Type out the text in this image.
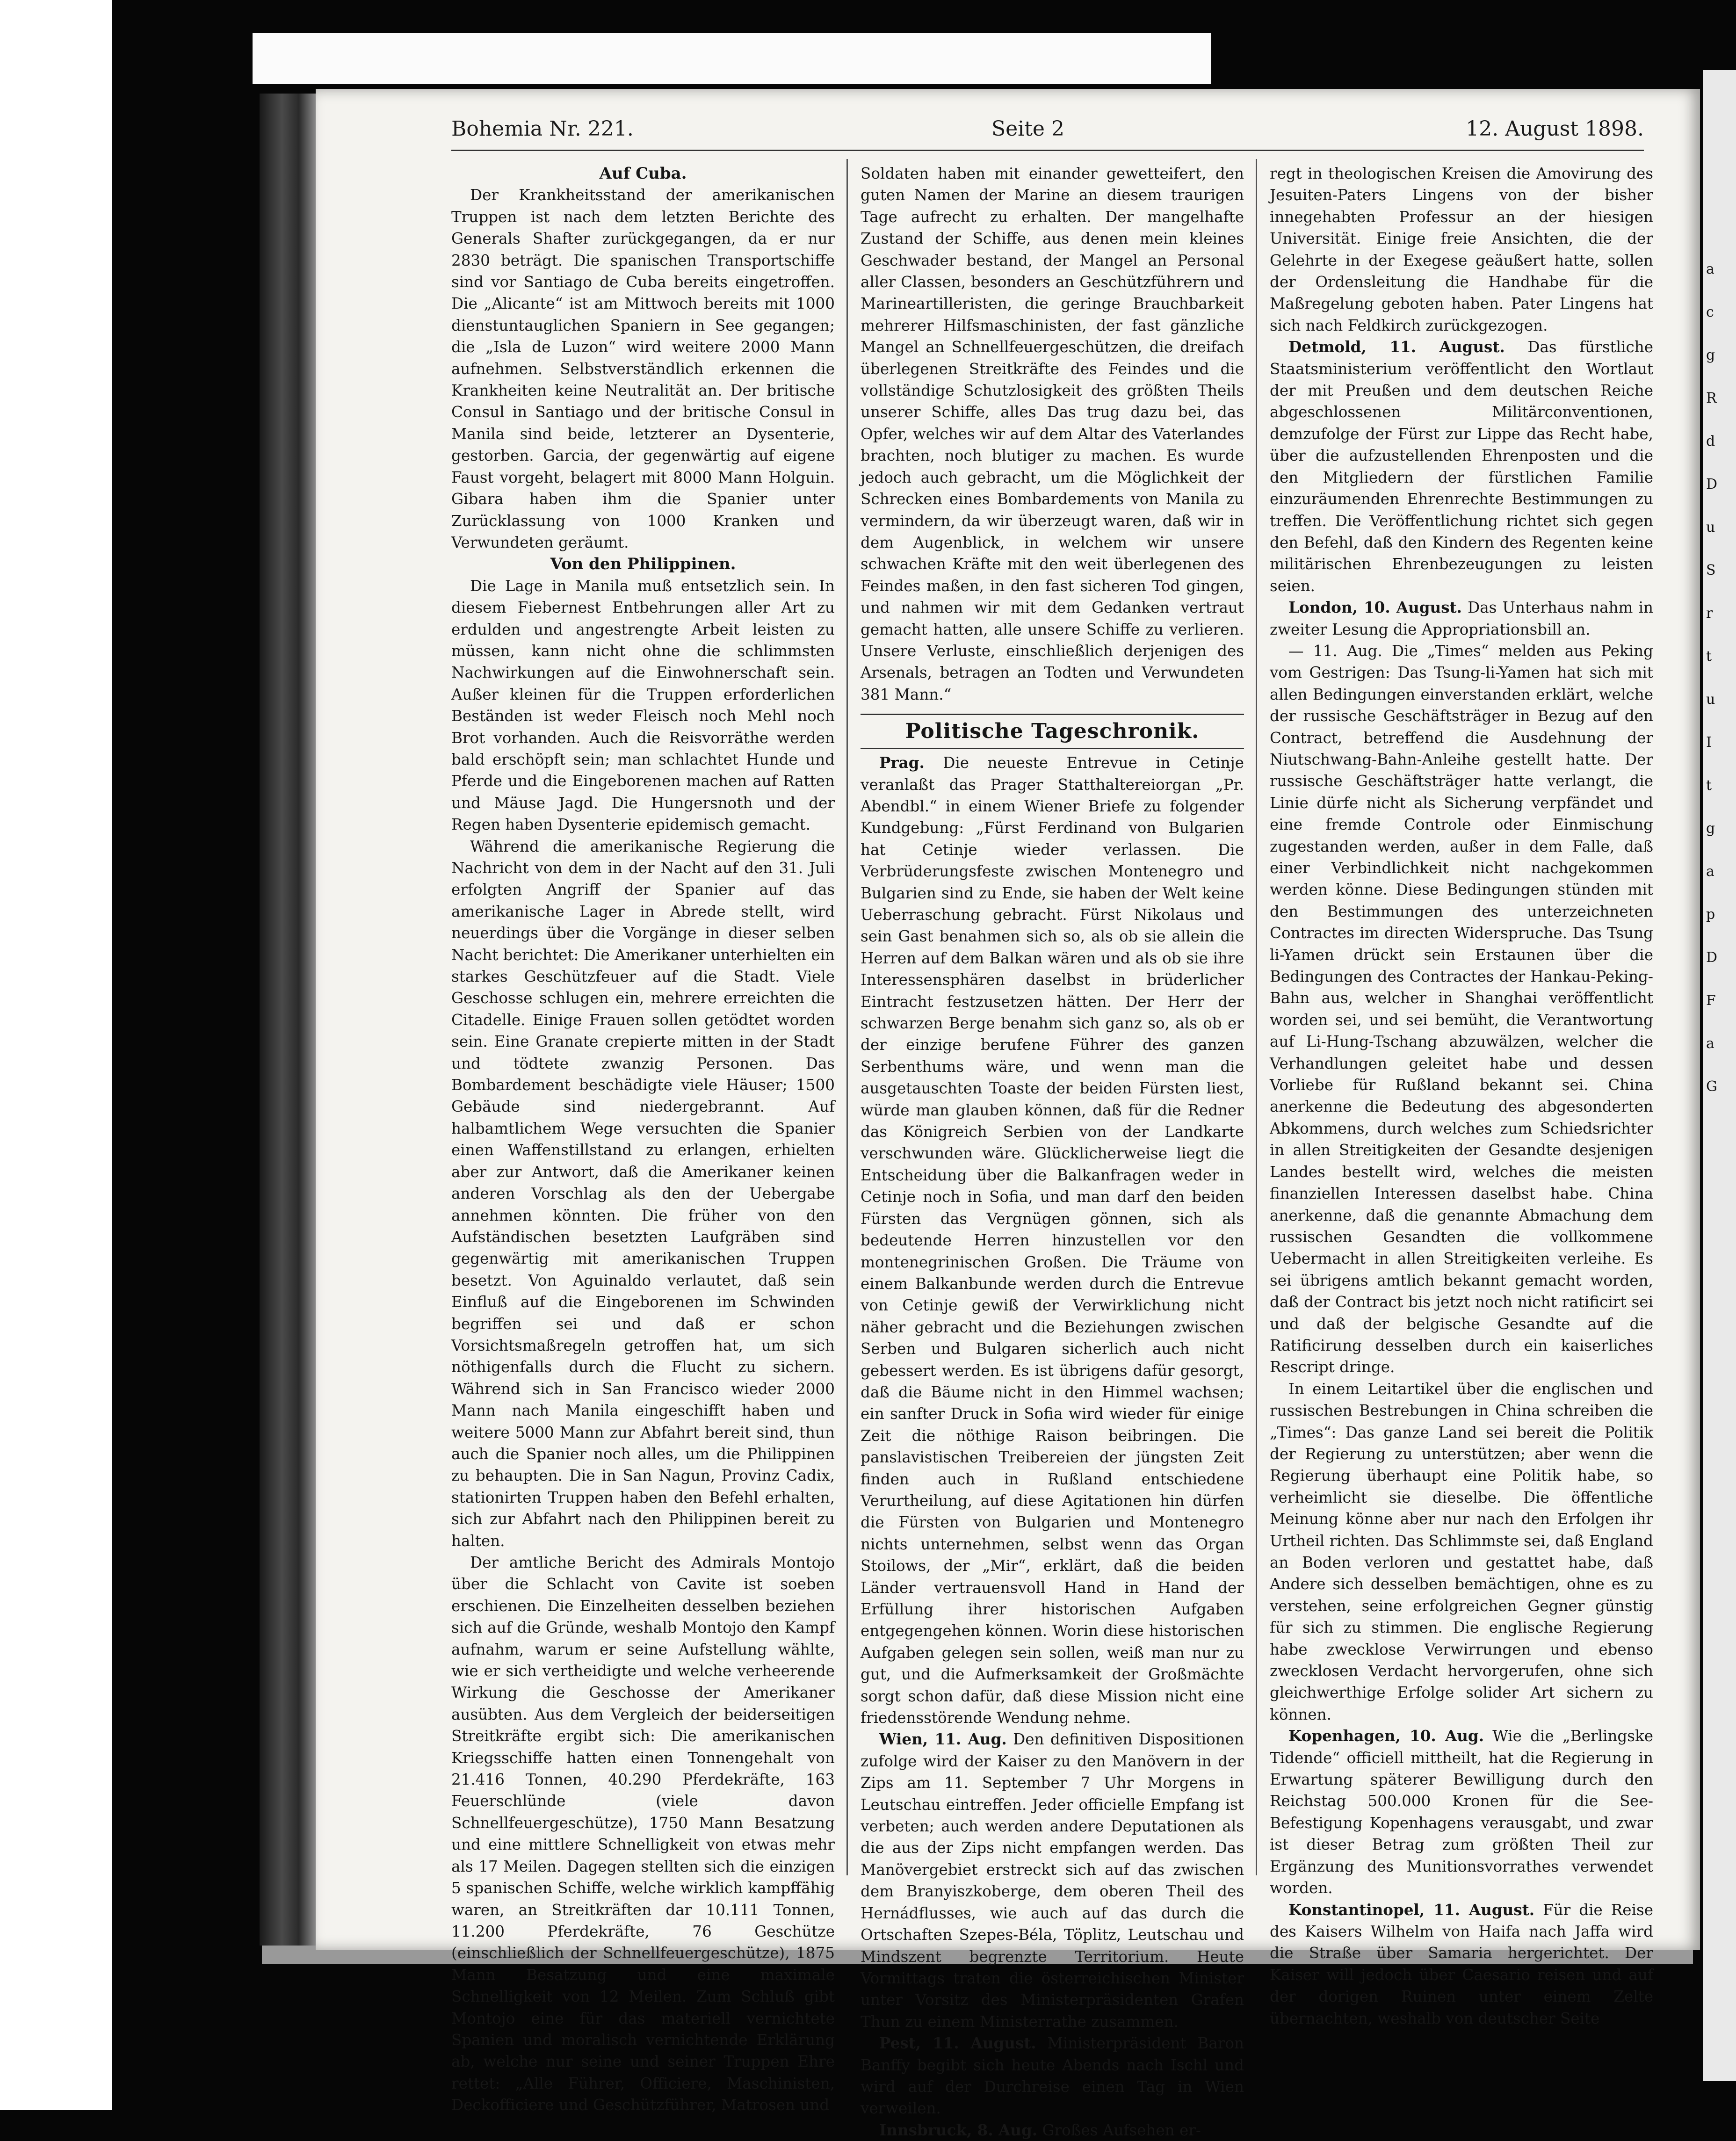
a
c
g
R
d
D
u
S
r
t
u
I
t
g
a
p
D
F
a
G
Bohemia Nr. 221.	Seite 2	12. August 1898.
Auf Cuba.

Der Krankheitsstand der amerikanischen Truppen ist nach dem letzten Berichte des Generals Shafter zurückgegangen, da er nur 2830 beträgt. Die spanischen Transportschiffe sind vor Santiago de Cuba bereits eingetroffen. Die „Alicante“ ist am Mittwoch bereits mit 1000 dienstuntauglichen Spaniern in See gegangen; die „Isla de Luzon“ wird weitere 2000 Mann aufnehmen. Selbstverständlich erkennen die Krankheiten keine Neutralität an. Der britische Consul in Santiago und der britische Consul in Manila sind beide, letzterer an Dysenterie, gestorben. Garcia, der gegenwärtig auf eigene Faust vorgeht, belagert mit 8000 Mann Holguin. Gibara haben ihm die Spanier unter Zurücklassung von 1000 Kranken und Verwundeten geräumt.

Von den Philippinen.

Die Lage in Manila muß entsetzlich sein. In diesem Fiebernest Entbehrungen aller Art zu erdulden und angestrengte Arbeit leisten zu müssen, kann nicht ohne die schlimmsten Nachwirkungen auf die Einwohnerschaft sein. Außer kleinen für die Truppen erforderlichen Beständen ist weder Fleisch noch Mehl noch Brot vorhanden. Auch die Reisvorräthe werden bald erschöpft sein; man schlachtet Hunde und Pferde und die Eingeborenen machen auf Ratten und Mäuse Jagd. Die Hungersnoth und der Regen haben Dysenterie epidemisch gemacht.

Während die amerikanische Regierung die Nachricht von dem in der Nacht auf den 31. Juli erfolgten Angriff der Spanier auf das amerikanische Lager in Abrede stellt, wird neuerdings über die Vorgänge in dieser selben Nacht berichtet: Die Amerikaner unterhielten ein starkes Geschützfeuer auf die Stadt. Viele Geschosse schlugen ein, mehrere erreichten die Citadelle. Einige Frauen sollen getödtet worden sein. Eine Granate crepierte mitten in der Stadt und tödtete zwanzig Personen. Das Bombardement beschädigte viele Häuser; 1500 Gebäude sind niedergebrannt. Auf halbamtlichem Wege versuchten die Spanier einen Waffenstillstand zu erlangen, erhielten aber zur Antwort, daß die Amerikaner keinen anderen Vorschlag als den der Uebergabe annehmen könnten. Die früher von den Aufständischen besetzten Laufgräben sind gegenwärtig mit amerikanischen Truppen besetzt. Von Aguinaldo verlautet, daß sein Einfluß auf die Eingeborenen im Schwinden begriffen sei und daß er schon Vorsichtsmaßregeln getroffen hat, um sich nöthigenfalls durch die Flucht zu sichern. Während sich in San Francisco wieder 2000 Mann nach Manila eingeschifft haben und weitere 5000 Mann zur Abfahrt bereit sind, thun auch die Spanier noch alles, um die Philippinen zu behaupten. Die in San Nagun, Provinz Cadix, stationirten Truppen haben den Befehl erhalten, sich zur Abfahrt nach den Philippinen bereit zu halten.

Der amtliche Bericht des Admirals Montojo über die Schlacht von Cavite ist soeben erschienen. Die Einzelheiten desselben beziehen sich auf die Gründe, weshalb Montojo den Kampf aufnahm, warum er seine Aufstellung wählte, wie er sich vertheidigte und welche verheerende Wirkung die Geschosse der Amerikaner ausübten. Aus dem Vergleich der beiderseitigen Streitkräfte ergibt sich: Die amerikanischen Kriegsschiffe hatten einen Tonnengehalt von 21.416 Tonnen, 40.290 Pferdekräfte, 163 Feuerschlünde (viele davon Schnellfeuergeschütze), 1750 Mann Besatzung und eine mittlere Schnelligkeit von etwas mehr als 17 Meilen. Dagegen stellten sich die einzigen 5 spanischen Schiffe, welche wirklich kampffähig waren, an Streitkräften dar 10.111 Tonnen, 11.200 Pferdekräfte, 76 Geschütze (einschließlich der Schnellfeuergeschütze), 1875 Mann Besatzung und eine maximale Schnelligkeit von 12 Meilen. Zum Schluß gibt Montojo eine für das materiell vernichtete Spanien und moralisch vernichtende Erklärung ab, welche nur seine und seiner Truppen Ehre rettet: „Alle Führer, Officiere, Maschinisten, Deckofficiere und Geschützführer, Matrosen und

Soldaten haben mit einander gewetteifert, den guten Namen der Marine an diesem traurigen Tage aufrecht zu erhalten. Der mangelhafte Zustand der Schiffe, aus denen mein kleines Geschwader bestand, der Mangel an Personal aller Classen, besonders an Geschützführern und Marineartilleristen, die geringe Brauchbarkeit mehrerer Hilfsmaschinisten, der fast gänzliche Mangel an Schnellfeuergeschützen, die dreifach überlegenen Streitkräfte des Feindes und die vollständige Schutzlosigkeit des größten Theils unserer Schiffe, alles Das trug dazu bei, das Opfer, welches wir auf dem Altar des Vaterlandes brachten, noch blutiger zu machen. Es wurde jedoch auch gebracht, um die Möglichkeit der Schrecken eines Bombardements von Manila zu vermindern, da wir überzeugt waren, daß wir in dem Augenblick, in welchem wir unsere schwachen Kräfte mit den weit überlegenen des Feindes maßen, in den fast sicheren Tod gingen, und nahmen wir mit dem Gedanken vertraut gemacht hatten, alle unsere Schiffe zu verlieren. Unsere Verluste, einschließlich derjenigen des Arsenals, betragen an Todten und Verwundeten 381 Mann.“

Politische Tageschronik.

Prag. Die neueste Entrevue in Cetinje veranlaßt das Prager Statthaltereiorgan „Pr. Abendbl.“ in einem Wiener Briefe zu folgender Kundgebung: „Fürst Ferdinand von Bulgarien hat Cetinje wieder verlassen. Die Verbrüderungsfeste zwischen Montenegro und Bulgarien sind zu Ende, sie haben der Welt keine Ueberraschung gebracht. Fürst Nikolaus und sein Gast benahmen sich so, als ob sie allein die Herren auf dem Balkan wären und als ob sie ihre Interessensphären daselbst in brüderlicher Eintracht festzusetzen hätten. Der Herr der schwarzen Berge benahm sich ganz so, als ob er der einzige berufene Führer des ganzen Serbenthums wäre, und wenn man die ausgetauschten Toaste der beiden Fürsten liest, würde man glauben können, daß für die Redner das Königreich Serbien von der Landkarte verschwunden wäre. Glücklicherweise liegt die Entscheidung über die Balkanfragen weder in Cetinje noch in Sofia, und man darf den beiden Fürsten das Vergnügen gönnen, sich als bedeutende Herren hinzustellen vor den montenegrinischen Großen. Die Träume von einem Balkanbunde werden durch die Entrevue von Cetinje gewiß der Verwirklichung nicht näher gebracht und die Beziehungen zwischen Serben und Bulgaren sicherlich auch nicht gebessert werden. Es ist übrigens dafür gesorgt, daß die Bäume nicht in den Himmel wachsen; ein sanfter Druck in Sofia wird wieder für einige Zeit die nöthige Raison beibringen. Die panslavistischen Treibereien der jüngsten Zeit finden auch in Rußland entschiedene Verurtheilung, auf diese Agitationen hin dürfen die Fürsten von Bulgarien und Montenegro nichts unternehmen, selbst wenn das Organ Stoilows, der „Mir“, erklärt, daß die beiden Länder vertrauensvoll Hand in Hand der Erfüllung ihrer historischen Aufgaben entgegengehen können. Worin diese historischen Aufgaben gelegen sein sollen, weiß man nur zu gut, und die Aufmerksamkeit der Großmächte sorgt schon dafür, daß diese Mission nicht eine friedensstörende Wendung nehme.

Wien, 11. Aug. Den definitiven Dispositionen zufolge wird der Kaiser zu den Manövern in der Zips am 11. September 7 Uhr Morgens in Leutschau eintreffen. Jeder officielle Empfang ist verbeten; auch werden andere Deputationen als die aus der Zips nicht empfangen werden. Das Manövergebiet erstreckt sich auf das zwischen dem Branyiszkoberge, dem oberen Theil des Hernádflusses, wie auch auf das durch die Ortschaften Szepes-Béla, Töplitz, Leutschau und Mindszent begrenzte Territorium. Heute Vormittags traten die österreichischen Minister unter Vorsitz des Ministerpräsidenten Grafen Thun zu einem Ministerrathe zusammen.

Pest, 11. August. Ministerpräsident Baron Banffy begibt sich heute Abends nach Ischl und wird auf der Durchreise einen Tag in Wien verweilen.

Innsbruck, 8. Aug. Großes Aufsehen er-

regt in theologischen Kreisen die Amovirung des Jesuiten-Paters Lingens von der bisher innegehabten Professur an der hiesigen Universität. Einige freie Ansichten, die der Gelehrte in der Exegese geäußert hatte, sollen der Ordensleitung die Handhabe für die Maßregelung geboten haben. Pater Lingens hat sich nach Feldkirch zurückgezogen.

Detmold, 11. August. Das fürstliche Staatsministerium veröffentlicht den Wortlaut der mit Preußen und dem deutschen Reiche abgeschlossenen Militärconventionen, demzufolge der Fürst zur Lippe das Recht habe, über die aufzustellenden Ehrenposten und die den Mitgliedern der fürstlichen Familie einzuräumenden Ehrenrechte Bestimmungen zu treffen. Die Veröffentlichung richtet sich gegen den Befehl, daß den Kindern des Regenten keine militärischen Ehrenbezeugungen zu leisten seien.

London, 10. August. Das Unterhaus nahm in zweiter Lesung die Appropriationsbill an.

— 11. Aug. Die „Times“ melden aus Peking vom Gestrigen: Das Tsung-li-Yamen hat sich mit allen Bedingungen einverstanden erklärt, welche der russische Geschäftsträger in Bezug auf den Contract, betreffend die Ausdehnung der Niutschwang-Bahn-Anleihe gestellt hatte. Der russische Geschäftsträger hatte verlangt, die Linie dürfe nicht als Sicherung verpfändet und eine fremde Controle oder Einmischung zugestanden werden, außer in dem Falle, daß einer Verbindlichkeit nicht nachgekommen werden könne. Diese Bedingungen stünden mit den Bestimmungen des unterzeichneten Contractes im directen Widerspruche. Das Tsung li-Yamen drückt sein Erstaunen über die Bedingungen des Contractes der Hankau-Peking-Bahn aus, welcher in Shanghai veröffentlicht worden sei, und sei bemüht, die Verantwortung auf Li-Hung-Tschang abzuwälzen, welcher die Verhandlungen geleitet habe und dessen Vorliebe für Rußland bekannt sei. China anerkenne die Bedeutung des abgesonderten Abkommens, durch welches zum Schiedsrichter in allen Streitigkeiten der Gesandte desjenigen Landes bestellt wird, welches die meisten finanziellen Interessen daselbst habe. China anerkenne, daß die genannte Abmachung dem russischen Gesandten die vollkommene Uebermacht in allen Streitigkeiten verleihe. Es sei übrigens amtlich bekannt gemacht worden, daß der Contract bis jetzt noch nicht ratificirt sei und daß der belgische Gesandte auf die Ratificirung desselben durch ein kaiserliches Rescript dringe.

In einem Leitartikel über die englischen und russischen Bestrebungen in China schreiben die „Times“: Das ganze Land sei bereit die Politik der Regierung zu unterstützen; aber wenn die Regierung überhaupt eine Politik habe, so verheimlicht sie dieselbe. Die öffentliche Meinung könne aber nur nach den Erfolgen ihr Urtheil richten. Das Schlimmste sei, daß England an Boden verloren und gestattet habe, daß Andere sich desselben bemächtigen, ohne es zu verstehen, seine erfolgreichen Gegner günstig für sich zu stimmen. Die englische Regierung habe zwecklose Verwirrungen und ebenso zwecklosen Verdacht hervorgerufen, ohne sich gleichwerthige Erfolge solider Art sichern zu können.

Kopenhagen, 10. Aug. Wie die „Berlingske Tidende“ officiell mittheilt, hat die Regierung in Erwartung späterer Bewilligung durch den Reichstag 500.000 Kronen für die See-Befestigung Kopenhagens verausgabt, und zwar ist dieser Betrag zum größten Theil zur Ergänzung des Munitionsvorrathes verwendet worden.

Konstantinopel, 11. August. Für die Reise des Kaisers Wilhelm von Haifa nach Jaffa wird die Straße über Samaria hergerichtet. Der Kaiser will jedoch über Caesario reisen und auf der dorigen Ruinen unter einem Zelte übernachten, weshalb von deutscher Seite
